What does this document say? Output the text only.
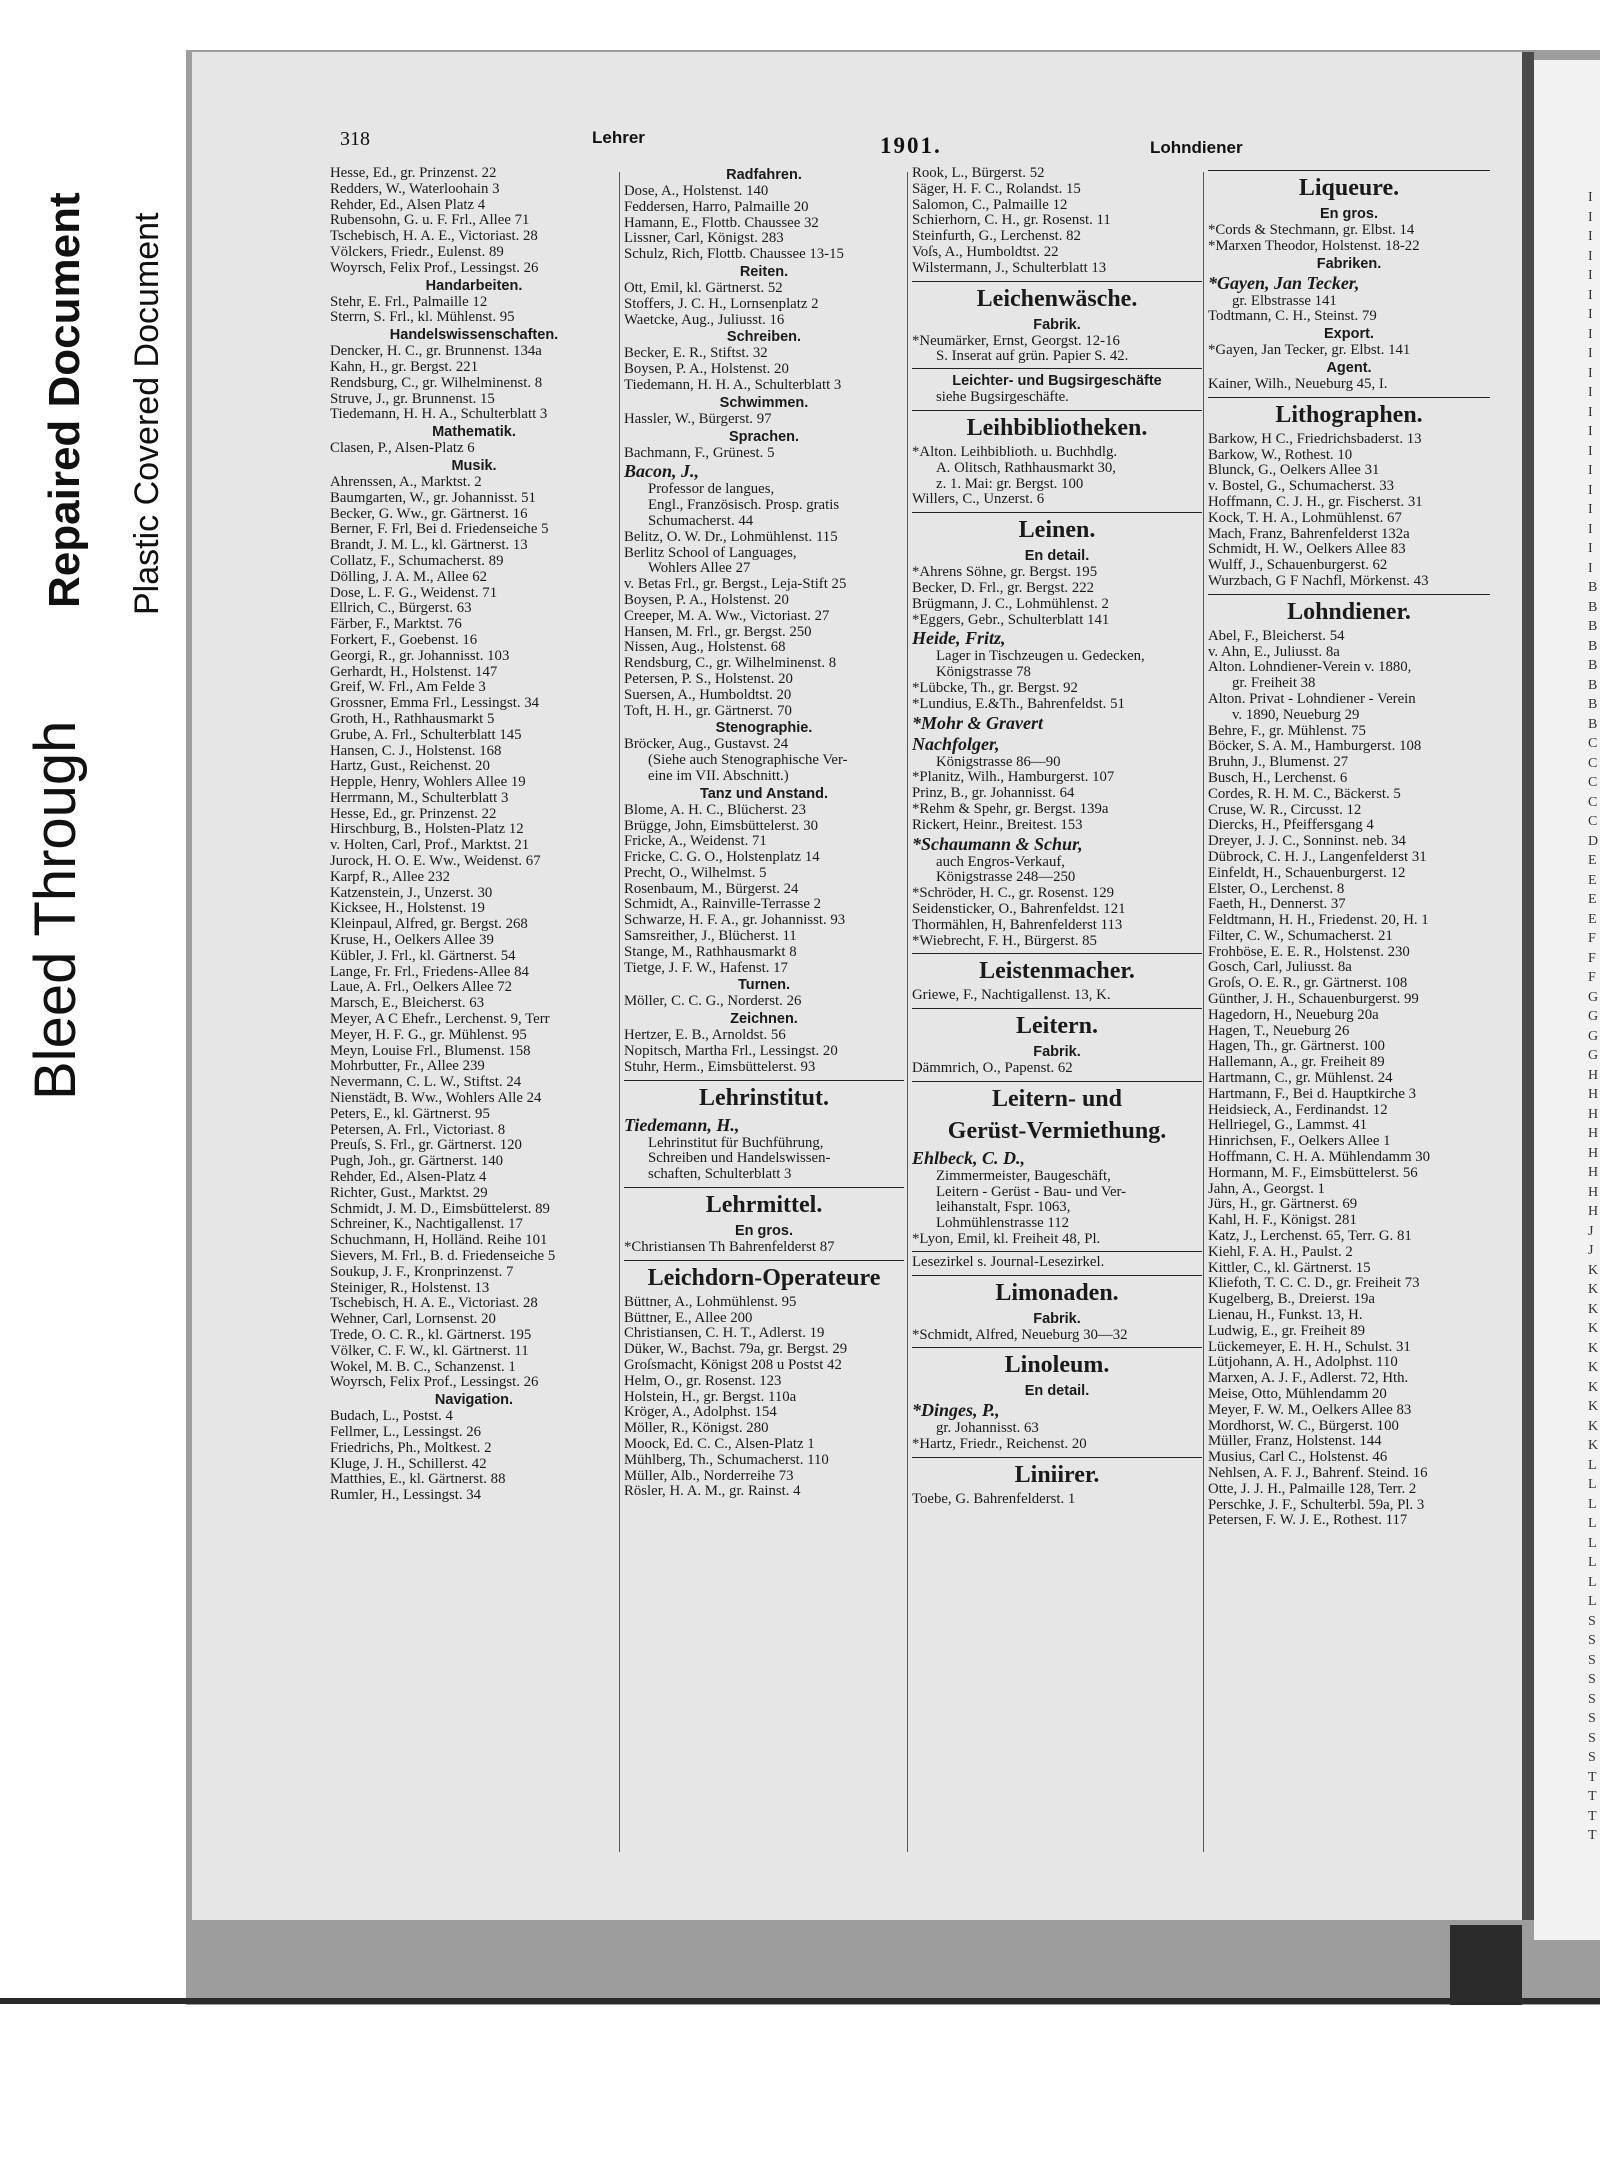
Bleed Through
Repaired Document Plastic Covered Document
I
I
I
I
I
I
I
I
I
I
I
I
I
I
I
I
I
I
I
I
B
B
B
B
B
B
B
B
C
C
C
C
C
D
E
E
E
E
F
F
F
G
G
G
G
H
H
H
H
H
H
H
H
J
J
K
K
K
K
K
K
K
K
K
K
L
L
L
L
L
L
L
L
S
S
S
S
S
S
S
S
T
T
T
T
318	Lehrer	1901.	Lohndiener
Hesse, Ed., gr. Prinzenst. 22
Redders, W., Waterloohain 3
Rehder, Ed., Alsen Platz 4
Rubensohn, G. u. F. Frl., Allee 71
Tschebisch, H. A. E., Victoriast. 28
Völckers, Friedr., Eulenst. 89
Woyrsch, Felix Prof., Lessingst. 26
Handarbeiten.
Stehr, E. Frl., Palmaille 12
Sterrn, S. Frl., kl. Mühlenst. 95
Handelswissenschaften.
Dencker, H. C., gr. Brunnenst. 134a
Kahn, H., gr. Bergst. 221
Rendsburg, C., gr. Wilhelminenst. 8
Struve, J., gr. Brunnenst. 15
Tiedemann, H. H. A., Schulterblatt 3
Mathematik.
Clasen, P., Alsen-Platz 6
Musik.
Ahrenssen, A., Marktst. 2
Baumgarten, W., gr. Johannisst. 51
Becker, G. Ww., gr. Gärtnerst. 16
Berner, F. Frl, Bei d. Friedenseiche 5
Brandt, J. M. L., kl. Gärtnerst. 13
Collatz, F., Schumacherst. 89
Dölling, J. A. M., Allee 62
Dose, L. F. G., Weidenst. 71
Ellrich, C., Bürgerst. 63
Färber, F., Marktst. 76
Forkert, F., Goebenst. 16
Georgi, R., gr. Johannisst. 103
Gerhardt, H., Holstenst. 147
Greif, W. Frl., Am Felde 3
Grossner, Emma Frl., Lessingst. 34
Groth, H., Rathhausmarkt 5
Grube, A. Frl., Schulterblatt 145
Hansen, C. J., Holstenst. 168
Hartz, Gust., Reichenst. 20
Hepple, Henry, Wohlers Allee 19
Herrmann, M., Schulterblatt 3
Hesse, Ed., gr. Prinzenst. 22
Hirschburg, B., Holsten-Platz 12
v. Holten, Carl, Prof., Marktst. 21
Jurock, H. O. E. Ww., Weidenst. 67
Karpf, R., Allee 232
Katzenstein, J., Unzerst. 30
Kicksee, H., Holstenst. 19
Kleinpaul, Alfred, gr. Bergst. 268
Kruse, H., Oelkers Allee 39
Kübler, J. Frl., kl. Gärtnerst. 54
Lange, Fr. Frl., Friedens-Allee 84
Laue, A. Frl., Oelkers Allee 72
Marsch, E., Bleicherst. 63
Meyer, A C Ehefr., Lerchenst. 9, Terr
Meyer, H. F. G., gr. Mühlenst. 95
Meyn, Louise Frl., Blumenst. 158
Mohrbutter, Fr., Allee 239
Nevermann, C. L. W., Stiftst. 24
Nienstädt, B. Ww., Wohlers Alle 24
Peters, E., kl. Gärtnerst. 95
Petersen, A. Frl., Victoriast. 8
Preuſs, S. Frl., gr. Gärtnerst. 120
Pugh, Joh., gr. Gärtnerst. 140
Rehder, Ed., Alsen-Platz 4
Richter, Gust., Marktst. 29
Schmidt, J. M. D., Eimsbüttelerst. 89
Schreiner, K., Nachtigallenst. 17
Schuchmann, H, Holländ. Reihe 101
Sievers, M. Frl., B. d. Friedenseiche 5
Soukup, J. F., Kronprinzenst. 7
Steiniger, R., Holstenst. 13
Tschebisch, H. A. E., Victoriast. 28
Wehner, Carl, Lornsenst. 20
Trede, O. C. R., kl. Gärtnerst. 195
Völker, C. F. W., kl. Gärtnerst. 11
Wokel, M. B. C., Schanzenst. 1
Woyrsch, Felix Prof., Lessingst. 26
Navigation.
Budach, L., Postst. 4
Fellmer, L., Lessingst. 26
Friedrichs, Ph., Moltkest. 2
Kluge, J. H., Schillerst. 42
Matthies, E., kl. Gärtnerst. 88
Rumler, H., Lessingst. 34
Radfahren.
Dose, A., Holstenst. 140
Feddersen, Harro, Palmaille 20
Hamann, E., Flottb. Chaussee 32
Lissner, Carl, Königst. 283
Schulz, Rich, Flottb. Chaussee 13-15
Reiten.
Ott, Emil, kl. Gärtnerst. 52
Stoffers, J. C. H., Lornsenplatz 2
Waetcke, Aug., Juliusst. 16
Schreiben.
Becker, E. R., Stiftst. 32
Boysen, P. A., Holstenst. 20
Tiedemann, H. H. A., Schulterblatt 3
Schwimmen.
Hassler, W., Bürgerst. 97
Sprachen.
Bachmann, F., Grünest. 5
Bacon, J.,
Professor de langues,
Engl., Französisch. Prosp. gratis
Schumacherst. 44
Belitz, O. W. Dr., Lohmühlenst. 115
Berlitz School of Languages,
Wohlers Allee 27
v. Betas Frl., gr. Bergst., Leja-Stift 25
Boysen, P. A., Holstenst. 20
Creeper, M. A. Ww., Victoriast. 27
Hansen, M. Frl., gr. Bergst. 250
Nissen, Aug., Holstenst. 68
Rendsburg, C., gr. Wilhelminenst. 8
Petersen, P. S., Holstenst. 20
Suersen, A., Humboldtst. 20
Toft, H. H., gr. Gärtnerst. 70
Stenographie.
Bröcker, Aug., Gustavst. 24
(Siehe auch Stenographische Ver-
eine im VII. Abschnitt.)
Tanz und Anstand.
Blome, A. H. C., Blücherst. 23
Brügge, John, Eimsbüttelerst. 30
Fricke, A., Weidenst. 71
Fricke, C. G. O., Holstenplatz 14
Precht, O., Wilhelmst. 5
Rosenbaum, M., Bürgerst. 24
Schmidt, A., Rainville-Terrasse 2
Schwarze, H. F. A., gr. Johannisst. 93
Samsreither, J., Blücherst. 11
Stange, M., Rathhausmarkt 8
Tietge, J. F. W., Hafenst. 17
Turnen.
Möller, C. C. G., Norderst. 26
Zeichnen.
Hertzer, E. B., Arnoldst. 56
Nopitsch, Martha Frl., Lessingst. 20
Stuhr, Herm., Eimsbüttelerst. 93
Lehrinstitut.
Tiedemann, H.,
Lehrinstitut für Buchführung,
Schreiben und Handelswissen-
schaften, Schulterblatt 3
Lehrmittel.
En gros.
*Christiansen Th Bahrenfelderst 87
Leichdorn-Operateure
Büttner, A., Lohmühlenst. 95
Büttner, E., Allee 200
Christiansen, C. H. T., Adlerst. 19
Düker, W., Bachst. 79a, gr. Bergst. 29
Groſsmacht, Königst 208 u Postst 42
Helm, O., gr. Rosenst. 123
Holstein, H., gr. Bergst. 110a
Kröger, A., Adolphst. 154
Möller, R., Königst. 280
Moock, Ed. C. C., Alsen-Platz 1
Mühlberg, Th., Schumacherst. 110
Müller, Alb., Norderreihe 73
Rösler, H. A. M., gr. Rainst. 4
Rook, L., Bürgerst. 52
Säger, H. F. C., Rolandst. 15
Salomon, C., Palmaille 12
Schierhorn, C. H., gr. Rosenst. 11
Steinfurth, G., Lerchenst. 82
Voſs, A., Humboldtst. 22
Wilstermann, J., Schulterblatt 13
Leichenwäsche.
Fabrik.
*Neumärker, Ernst, Georgst. 12-16
S. Inserat auf grün. Papier S. 42.
Leichter- und Bugsirgeschäfte
siehe Bugsirgeschäfte.
Leihbibliotheken.
*Alton. Leihbiblioth. u. Buchhdlg.
A. Olitsch, Rathhausmarkt 30,
z. 1. Mai: gr. Bergst. 100
Willers, C., Unzerst. 6
Leinen.
En detail.
*Ahrens Söhne, gr. Bergst. 195
Becker, D. Frl., gr. Bergst. 222
Brügmann, J. C., Lohmühlenst. 2
*Eggers, Gebr., Schulterblatt 141
Heide, Fritz,
Lager in Tischzeugen u. Gedecken,
Königstrasse 78
*Lübcke, Th., gr. Bergst. 92
*Lundius, E.&Th., Bahrenfeldst. 51
*Mohr & Gravert
Nachfolger,
Königstrasse 86—90
*Planitz, Wilh., Hamburgerst. 107
Prinz, B., gr. Johannisst. 64
*Rehm & Spehr, gr. Bergst. 139a
Rickert, Heinr., Breitest. 153
*Schaumann & Schur,
auch Engros-Verkauf,
Königstrasse 248—250
*Schröder, H. C., gr. Rosenst. 129
Seidensticker, O., Bahrenfeldst. 121
Thormählen, H, Bahrenfelderst 113
*Wiebrecht, F. H., Bürgerst. 85
Leistenmacher.
Griewe, F., Nachtigallenst. 13, K.
Leitern.
Fabrik.
Dämmrich, O., Papenst. 62
Leitern- und
Gerüst-Vermiethung.
Ehlbeck, C. D.,
Zimmermeister, Baugeschäft,
Leitern - Gerüst - Bau- und Ver-
leihanstalt, Fspr. 1063,
Lohmühlenstrasse 112
*Lyon, Emil, kl. Freiheit 48, Pl.
Lesezirkel s. Journal-Lesezirkel.
Limonaden.
Fabrik.
*Schmidt, Alfred, Neueburg 30—32
Linoleum.
En detail.
*Dinges, P.,
gr. Johannisst. 63
*Hartz, Friedr., Reichenst. 20
Liniirer.
Toebe, G. Bahrenfelderst. 1
Liqueure.
En gros.
*Cords & Stechmann, gr. Elbst. 14
*Marxen Theodor, Holstenst. 18-22
Fabriken.
*Gayen, Jan Tecker,
gr. Elbstrasse 141
Todtmann, C. H., Steinst. 79
Export.
*Gayen, Jan Tecker, gr. Elbst. 141
Agent.
Kainer, Wilh., Neueburg 45, I.
Lithographen.
Barkow, H C., Friedrichsbaderst. 13
Barkow, W., Rothest. 10
Blunck, G., Oelkers Allee 31
v. Bostel, G., Schumacherst. 33
Hoffmann, C. J. H., gr. Fischerst. 31
Kock, T. H. A., Lohmühlenst. 67
Mach, Franz, Bahrenfelderst 132a
Schmidt, H. W., Oelkers Allee 83
Wulff, J., Schauenburgerst. 62
Wurzbach, G F Nachfl, Mörkenst. 43
Lohndiener.
Abel, F., Bleicherst. 54
v. Ahn, E., Juliusst. 8a
Alton. Lohndiener-Verein v. 1880,
gr. Freiheit 38
Alton. Privat - Lohndiener - Verein
v. 1890, Neueburg 29
Behre, F., gr. Mühlenst. 75
Böcker, S. A. M., Hamburgerst. 108
Bruhn, J., Blumenst. 27
Busch, H., Lerchenst. 6
Cordes, R. H. M. C., Bäckerst. 5
Cruse, W. R., Circusst. 12
Diercks, H., Pfeiffersgang 4
Dreyer, J. J. C., Sonninst. neb. 34
Dübrock, C. H. J., Langenfelderst 31
Einfeldt, H., Schauenburgerst. 12
Elster, O., Lerchenst. 8
Faeth, H., Dennerst. 37
Feldtmann, H. H., Friedenst. 20, H. 1
Filter, C. W., Schumacherst. 21
Frohböse, E. E. R., Holstenst. 230
Gosch, Carl, Juliusst. 8a
Groſs, O. E. R., gr. Gärtnerst. 108
Günther, J. H., Schauenburgerst. 99
Hagedorn, H., Neueburg 20a
Hagen, T., Neueburg 26
Hagen, Th., gr. Gärtnerst. 100
Hallemann, A., gr. Freiheit 89
Hartmann, C., gr. Mühlenst. 24
Hartmann, F., Bei d. Hauptkirche 3
Heidsieck, A., Ferdinandst. 12
Hellriegel, G., Lammst. 41
Hinrichsen, F., Oelkers Allee 1
Hoffmann, C. H. A. Mühlendamm 30
Hormann, M. F., Eimsbüttelerst. 56
Jahn, A., Georgst. 1
Jürs, H., gr. Gärtnerst. 69
Kahl, H. F., Königst. 281
Katz, J., Lerchenst. 65, Terr. G. 81
Kiehl, F. A. H., Paulst. 2
Kittler, C., kl. Gärtnerst. 15
Kliefoth, T. C. C. D., gr. Freiheit 73
Kugelberg, B., Dreierst. 19a
Lienau, H., Funkst. 13, H.
Ludwig, E., gr. Freiheit 89
Lückemeyer, E. H. H., Schulst. 31
Lütjohann, A. H., Adolphst. 110
Marxen, A. J. F., Adlerst. 72, Hth.
Meise, Otto, Mühlendamm 20
Meyer, F. W. M., Oelkers Allee 83
Mordhorst, W. C., Bürgerst. 100
Müller, Franz, Holstenst. 144
Musius, Carl C., Holstenst. 46
Nehlsen, A. F. J., Bahrenf. Steind. 16
Otte, J. J. H., Palmaille 128, Terr. 2
Perschke, J. F., Schulterbl. 59a, Pl. 3
Petersen, F. W. J. E., Rothest. 117
